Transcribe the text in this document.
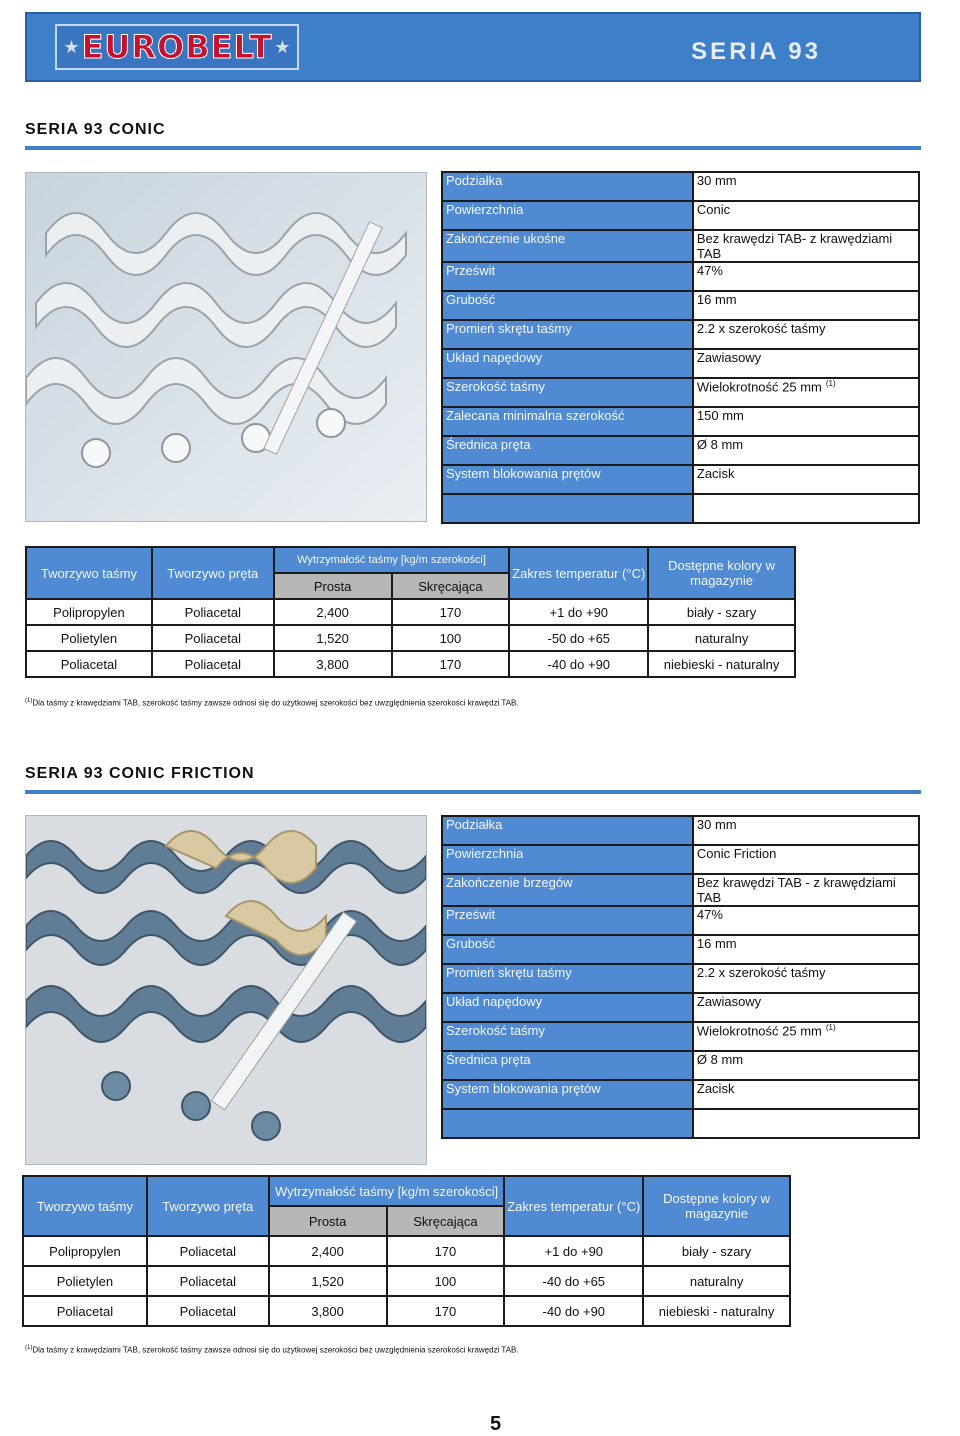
★ EUROBELT ★	SERIA 93
SERIA 93 CONIC
Podziałka	30 mm
Powierzchnia	Conic
Zakończenie ukośne	Bez krawędzi TAB- z krawędziami TAB
Prześwit	47%
Grubość	16 mm
Promień skrętu taśmy	2.2 x szerokość taśmy
Układ napędowy	Zawiasowy
Szerokość taśmy	Wielokrotność 25 mm $^{(1)}$
Zalecana minimalna szerokość	150 mm
Średnica pręta	Ø 8 mm
System blokowania prętów	Zacisk

Tworzywo taśmy	Tworzywo pręta	Wytrzymałość taśmy [kg/m szerokości]		Zakres temperatur (°C)	Dostępne kolory w magazynie
		Prosta	Skręcająca		
Polipropylen	Poliacetal	2,400	170	+1 do +90	biały - szary
Polietylen	Poliacetal	1,520	100	-50 do +65	naturalny
Poliacetal	Poliacetal	3,800	170	-40 do +90	niebieski - naturalny
$^{(1)}$Dla taśmy z krawędziami TAB, szerokość taśmy zawsze odnosi się do użytkowej szerokości bez uwzględnienia szerokości krawędzi TAB.
SERIA 93 CONIC FRICTION
Podziałka	30 mm
Powierzchnia	Conic Friction
Zakończenie brzegów	Bez krawędzi TAB - z krawędziami TAB
Prześwit	47%
Grubość	16 mm
Promień skrętu taśmy	2.2 x szerokość taśmy
Układ napędowy	Zawiasowy
Szerokość taśmy	Wielokrotność 25 mm $^{(1)}$
Średnica pręta	Ø 8 mm
System blokowania prętów	Zacisk

Tworzywo taśmy	Tworzywo pręta	Wytrzymałość taśmy [kg/m szerokości]		Zakres temperatur (°C)	Dostępne kolory w magazynie
		Prosta	Skręcająca		
Polipropylen	Poliacetal	2,400	170	+1 do +90	biały - szary
Polietylen	Poliacetal	1,520	100	-40 do +65	naturalny
Poliacetal	Poliacetal	3,800	170	-40 do +90	niebieski - naturalny
$^{(1)}$Dla taśmy z krawędziami TAB, szerokość taśmy zawsze odnosi się do użytkowej szerokości bez uwzględnienia szerokości krawędzi TAB.
5
